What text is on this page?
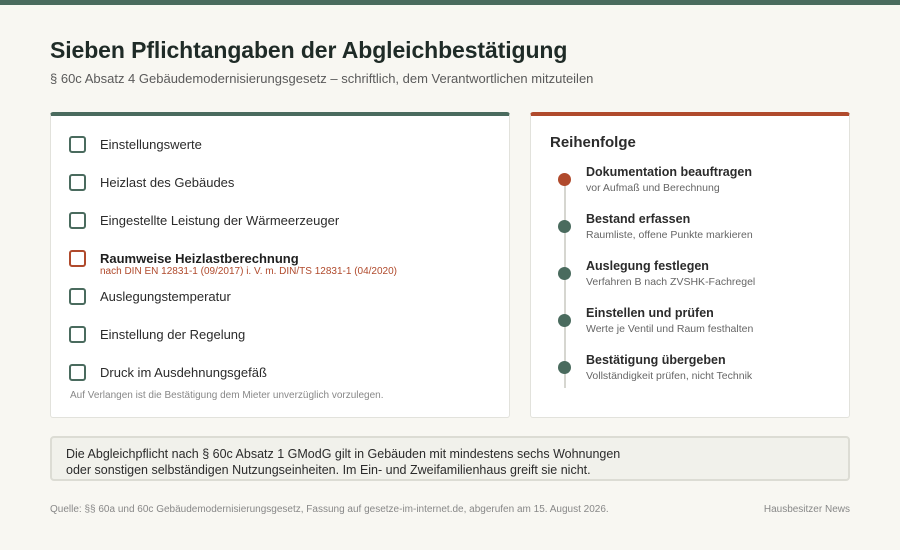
Sieben Pflichtangaben der Abgleichbestätigung
§ 60c Absatz 4 Gebäudemodernisierungsgesetz – schriftlich, dem Verantwortlichen mitzuteilen
Einstellungswerte
Heizlast des Gebäudes
Eingestellte Leistung der Wärmeerzeuger
Raumweise Heizlastberechnung
nach DIN EN 12831-1 (09/2017) i. V. m. DIN/TS 12831-1 (04/2020)
Auslegungstemperatur
Einstellung der Regelung
Druck im Ausdehnungsgefäß
Auf Verlangen ist die Bestätigung dem Mieter unverzüglich vorzulegen.
Reihenfolge
Dokumentation beauftragen
vor Aufmaß und Berechnung
Bestand erfassen
Raumliste, offene Punkte markieren
Auslegung festlegen
Verfahren B nach ZVSHK-Fachregel
Einstellen und prüfen
Werte je Ventil und Raum festhalten
Bestätigung übergeben
Vollständigkeit prüfen, nicht Technik
Die Abgleichpflicht nach § 60c Absatz 1 GModG gilt in Gebäuden mit mindestens sechs Wohnungen
oder sonstigen selbständigen Nutzungseinheiten. Im Ein- und Zweifamilienhaus greift sie nicht.
Quelle: §§ 60a und 60c Gebäudemodernisierungsgesetz, Fassung auf gesetze-im-internet.de, abgerufen am 15. August 2026.	Hausbesitzer News
